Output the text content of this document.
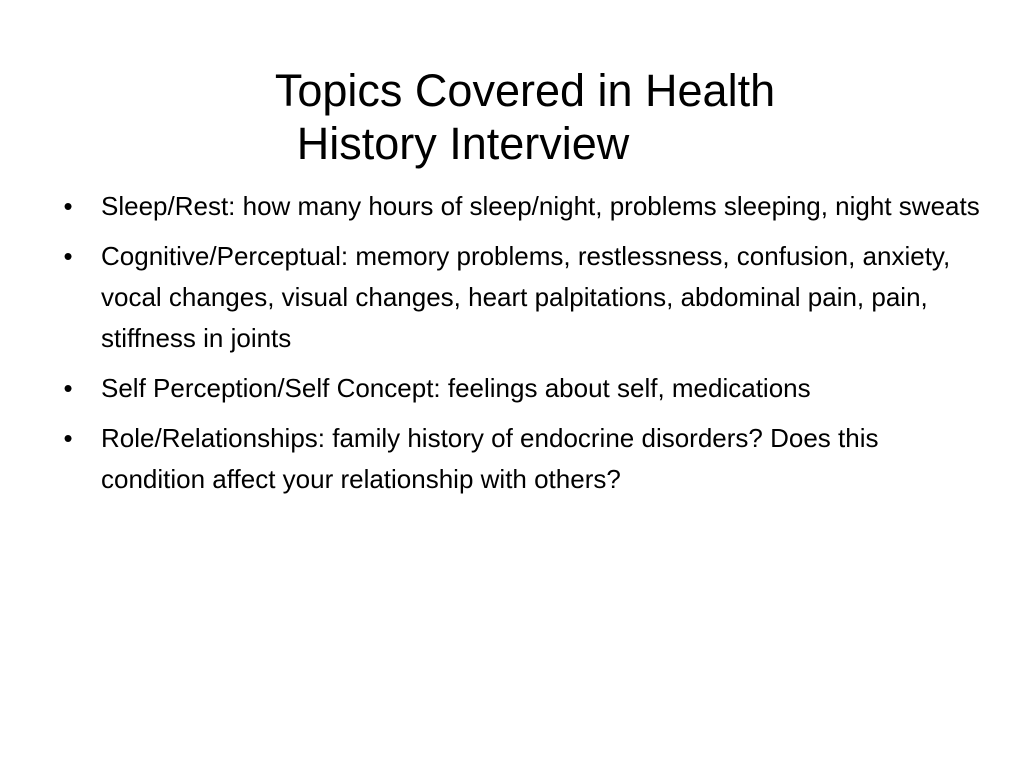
Topics Covered in Health
History Interview
• Sleep/Rest: how many hours of sleep/night, problems sleeping, night sweats
• Cognitive/Perceptual: memory problems, restlessness, confusion, anxiety, vocal changes, visual changes, heart palpitations, abdominal pain, pain, stiffness in joints
• Self Perception/Self Concept: feelings about self, medications
• Role/Relationships: family history of endocrine disorders? Does this condition affect your relationship with others?
